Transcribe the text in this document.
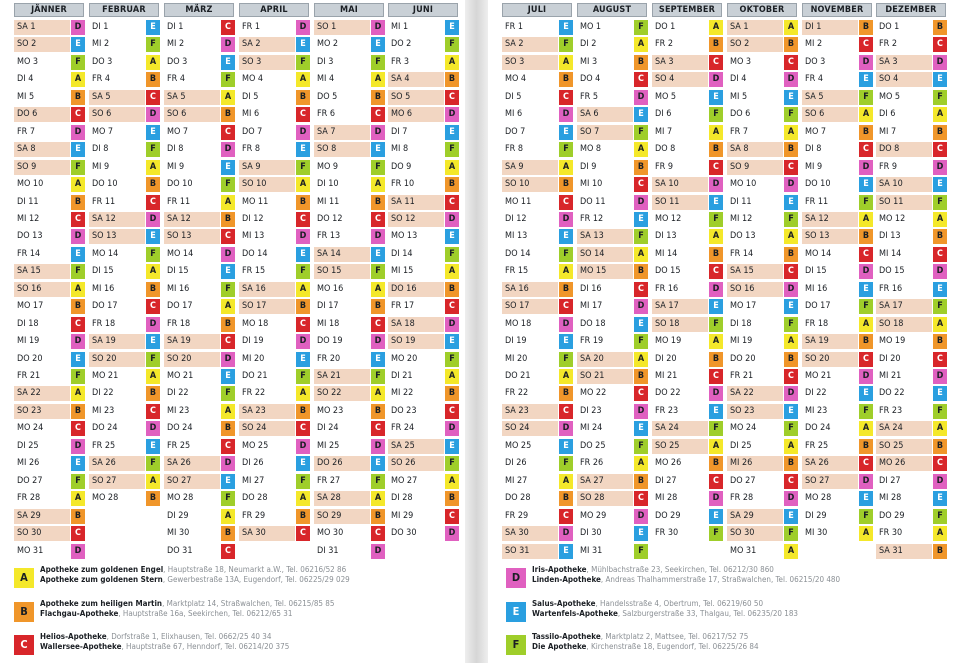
JÄNNER
SA 1	D
SO 2	E
MO 3	F
DI 4	A
MI 5	B
DO 6	C
FR 7	D
SA 8	E
SO 9	F
MO 10	A
DI 11	B
MI 12	C
DO 13	D
FR 14	E
SA 15	F
SO 16	A
MO 17	B
DI 18	C
MI 19	D
DO 20	E
FR 21	F
SA 22	A
SO 23	B
MO 24	C
DI 25	D
MI 26	E
DO 27	F
FR 28	A
SA 29	B
SO 30	C
MO 31	D
FEBRUAR
DI 1	E
MI 2	F
DO 3	A
FR 4	B
SA 5	C
SO 6	D
MO 7	E
DI 8	F
MI 9	A
DO 10	B
FR 11	C
SA 12	D
SO 13	E
MO 14	F
DI 15	A
MI 16	B
DO 17	C
FR 18	D
SA 19	E
SO 20	F
MO 21	A
DI 22	B
MI 23	C
DO 24	D
FR 25	E
SA 26	F
SO 27	A
MO 28	B
MÄRZ
DI 1	C
MI 2	D
DO 3	E
FR 4	F
SA 5	A
SO 6	B
MO 7	C
DI 8	D
MI 9	E
DO 10	F
FR 11	A
SA 12	B
SO 13	C
MO 14	D
DI 15	E
MI 16	F
DO 17	A
FR 18	B
SA 19	C
SO 20	D
MO 21	E
DI 22	F
MI 23	A
DO 24	B
FR 25	C
SA 26	D
SO 27	E
MO 28	F
DI 29	A
MI 30	B
DO 31	C
APRIL
FR 1	D
SA 2	E
SO 3	F
MO 4	A
DI 5	B
MI 6	C
DO 7	D
FR 8	E
SA 9	F
SO 10	A
MO 11	B
DI 12	C
MI 13	D
DO 14	E
FR 15	F
SA 16	A
SO 17	B
MO 18	C
DI 19	D
MI 20	E
DO 21	F
FR 22	A
SA 23	B
SO 24	C
MO 25	D
DI 26	E
MI 27	F
DO 28	A
FR 29	B
SA 30	C
MAI
SO 1	D
MO 2	E
DI 3	F
MI 4	A
DO 5	B
FR 6	C
SA 7	D
SO 8	E
MO 9	F
DI 10	A
MI 11	B
DO 12	C
FR 13	D
SA 14	E
SO 15	F
MO 16	A
DI 17	B
MI 18	C
DO 19	D
FR 20	E
SA 21	F
SO 22	A
MO 23	B
DI 24	C
MI 25	D
DO 26	E
FR 27	F
SA 28	A
SO 29	B
MO 30	C
DI 31	D
JUNI
MI 1	E
DO 2	F
FR 3	A
SA 4	B
SO 5	C
MO 6	D
DI 7	E
MI 8	F
DO 9	A
FR 10	B
SA 11	C
SO 12	D
MO 13	E
DI 14	F
MI 15	A
DO 16	B
FR 17	C
SA 18	D
SO 19	E
MO 20	F
DI 21	A
MI 22	B
DO 23	C
FR 24	D
SA 25	E
SO 26	F
MO 27	A
DI 28	B
MI 29	C
DO 30	D
A
Apotheke zum goldenen Engel, Hauptstraße 18, Neumarkt a.W., Tel. 06216/52 86
Apotheke zum goldenen Stern, Gewerbestraße 13A, Eugendorf, Tel. 06225/29 029
B
Apotheke zum heiligen Martin, Marktplatz 14, Straßwalchen, Tel. 06215/85 85
Flachgau-Apotheke, Hauptstraße 16a, Seekirchen, Tel. 06212/65 31
C
Helios-Apotheke, Dorfstraße 1, Elixhausen, Tel. 0662/25 40 34
Wallersee-Apotheke, Hauptstraße 67, Henndorf, Tel. 06214/20 375
JULI
FR 1	E
SA 2	F
SO 3	A
MO 4	B
DI 5	C
MI 6	D
DO 7	E
FR 8	F
SA 9	A
SO 10	B
MO 11	C
DI 12	D
MI 13	E
DO 14	F
FR 15	A
SA 16	B
SO 17	C
MO 18	D
DI 19	E
MI 20	F
DO 21	A
FR 22	B
SA 23	C
SO 24	D
MO 25	E
DI 26	F
MI 27	A
DO 28	B
FR 29	C
SA 30	D
SO 31	E
AUGUST
MO 1	F
DI 2	A
MI 3	B
DO 4	C
FR 5	D
SA 6	E
SO 7	F
MO 8	A
DI 9	B
MI 10	C
DO 11	D
FR 12	E
SA 13	F
SO 14	A
MO 15	B
DI 16	C
MI 17	D
DO 18	E
FR 19	F
SA 20	A
SO 21	B
MO 22	C
DI 23	D
MI 24	E
DO 25	F
FR 26	A
SA 27	B
SO 28	C
MO 29	D
DI 30	E
MI 31	F
SEPTEMBER
DO 1	A
FR 2	B
SA 3	C
SO 4	D
MO 5	E
DI 6	F
MI 7	A
DO 8	B
FR 9	C
SA 10	D
SO 11	E
MO 12	F
DI 13	A
MI 14	B
DO 15	C
FR 16	D
SA 17	E
SO 18	F
MO 19	A
DI 20	B
MI 21	C
DO 22	D
FR 23	E
SA 24	F
SO 25	A
MO 26	B
DI 27	C
MI 28	D
DO 29	E
FR 30	F
OKTOBER
SA 1	A
SO 2	B
MO 3	C
DI 4	D
MI 5	E
DO 6	F
FR 7	A
SA 8	B
SO 9	C
MO 10	D
DI 11	E
MI 12	F
DO 13	A
FR 14	B
SA 15	C
SO 16	D
MO 17	E
DI 18	F
MI 19	A
DO 20	B
FR 21	C
SA 22	D
SO 23	E
MO 24	F
DI 25	A
MI 26	B
DO 27	C
FR 28	D
SA 29	E
SO 30	F
MO 31	A
NOVEMBER
DI 1	B
MI 2	C
DO 3	D
FR 4	E
SA 5	F
SO 6	A
MO 7	B
DI 8	C
MI 9	D
DO 10	E
FR 11	F
SA 12	A
SO 13	B
MO 14	C
DI 15	D
MI 16	E
DO 17	F
FR 18	A
SA 19	B
SO 20	C
MO 21	D
DI 22	E
MI 23	F
DO 24	A
FR 25	B
SA 26	C
SO 27	D
MO 28	E
DI 29	F
MI 30	A
DEZEMBER
DO 1	B
FR 2	C
SA 3	D
SO 4	E
MO 5	F
DI 6	A
MI 7	B
DO 8	C
FR 9	D
SA 10	E
SO 11	F
MO 12	A
DI 13	B
MI 14	C
DO 15	D
FR 16	E
SA 17	F
SO 18	A
MO 19	B
DI 20	C
MI 21	D
DO 22	E
FR 23	F
SA 24	A
SO 25	B
MO 26	C
DI 27	D
MI 28	E
DO 29	F
FR 30	A
SA 31	B
D
Iris-Apotheke, Mühlbachstraße 23, Seekirchen, Tel. 06212/30 860
Linden-Apotheke, Andreas Thalhammerstraße 17, Straßwalchen, Tel. 06215/20 480
E
Salus-Apotheke, Handelsstraße 4, Obertrum, Tel. 06219/60 50
Wartenfels-Apotheke, Salzburgerstraße 33, Thalgau, Tel. 06235/20 183
F
Tassilo-Apotheke, Marktplatz 2, Mattsee, Tel. 06217/52 75
Die Apotheke, Kirchenstraße 18, Eugendorf, Tel. 06225/26 84
